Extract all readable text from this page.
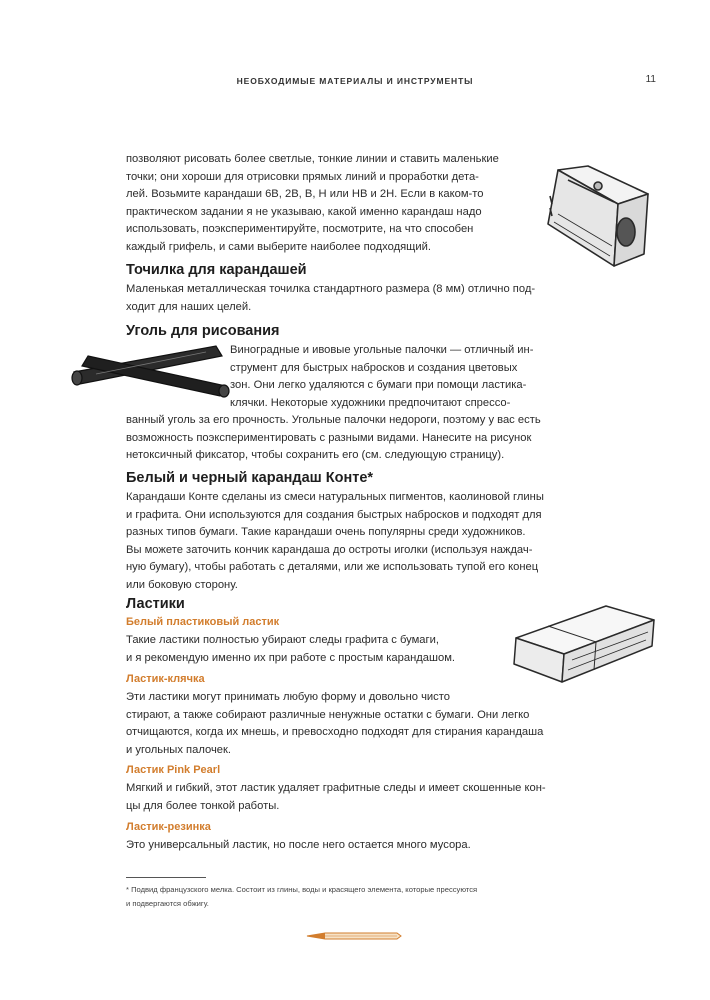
НЕОБХОДИМЫЕ МАТЕРИАЛЫ И ИНСТРУМЕНТЫ	11

позволяют рисовать более светлые, тонкие линии и ставить маленькие

точки; они хороши для отрисовки прямых линий и проработки дета-

лей. Возьмите карандаши 6В, 2В, В, Н или НВ и 2Н. Если в каком-то

практическом задании я не указываю, какой именно карандаш надо

использовать, поэкспериментируйте, посмотрите, на что способен

каждый грифель, и сами выберите наиболее подходящий.

Точилка для карандашей

Маленькая металлическая точилка стандартного размера (8 мм) отлично под-

ходит для наших целей.

Уголь для рисования

Виноградные и ивовые угольные палочки — отличный ин-

струмент для быстрых набросков и создания цветовых

зон. Они легко удаляются с бумаги при помощи ластика-

клячки. Некоторые художники предпочитают спрессо-

ванный уголь за его прочность. Угольные палочки недороги, поэтому у вас есть

возможность поэкспериментировать с разными видами. Нанесите на рисунок

нетоксичный фиксатор, чтобы сохранить его (см. следующую страницу).

Белый и черный карандаш Конте*

Карандаши Конте сделаны из смеси натуральных пигментов, каолиновой глины

и графита. Они используются для создания быстрых набросков и подходят для

разных типов бумаги. Такие карандаши очень популярны среди художников.

Вы можете заточить кончик карандаша до остроты иголки (используя наждач-

ную бумагу), чтобы работать с деталями, или же использовать тупой его конец

или боковую сторону.

Ластики
Белый пластиковый ластик

Такие ластики полностью убирают следы графита с бумаги,

и я рекомендую именно их при работе с простым карандашом.

Ластик-клячка

Эти ластики могут принимать любую форму и довольно чисто

стирают, а также собирают различные ненужные остатки с бумаги. Они легко

отчищаются, когда их мнешь, и превосходно подходят для стирания карандаша

и угольных палочек.

Ластик Pink Pearl

Мягкий и гибкий, этот ластик удаляет графитные следы и имеет скошенные кон-

цы для более тонкой работы.

Ластик-резинка

Это универсальный ластик, но после него остается много мусора.

* Подвид французского мелка. Состоит из глины, воды и красящего элемента, которые прессуются

и подвергаются обжигу.
